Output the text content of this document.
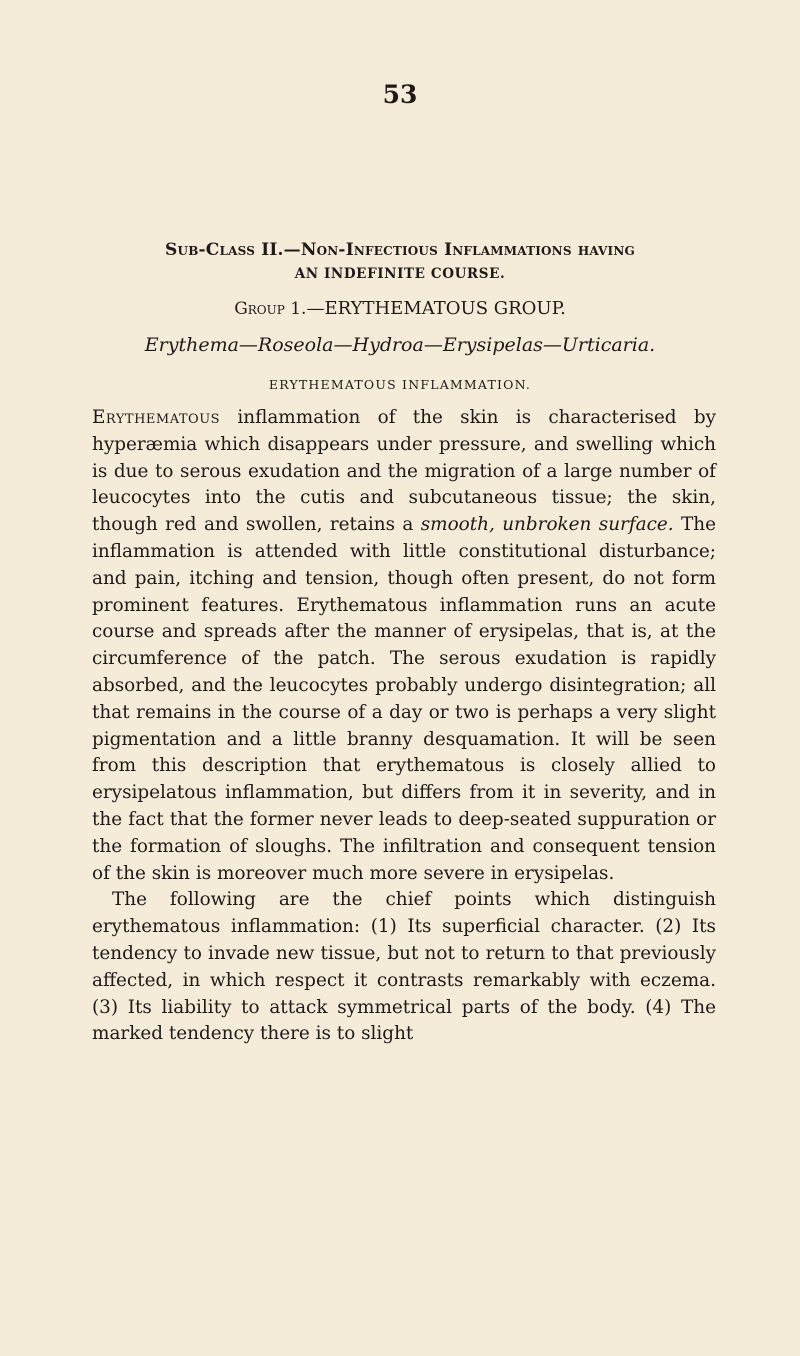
53
Sub-Class II.—Non-Infectious Inflammations having
AN INDEFINITE COURSE.
Group 1.—ERYTHEMATOUS GROUP.
Erythema—Roseola—Hydroa—Erysipelas—Urticaria.
ERYTHEMATOUS INFLAMMATION.

Erythematous inflammation of the skin is characterised by hyperæmia which disappears under pressure, and swelling which is due to serous exudation and the migration of a large number of leucocytes into the cutis and subcutaneous tissue; the skin, though red and swollen, retains a smooth, unbroken surface. The inflammation is attended with little constitutional disturbance; and pain, itching and tension, though often present, do not form prominent features. Erythematous inflammation runs an acute course and spreads after the manner of erysipelas, that is, at the circumference of the patch. The serous exudation is rapidly absorbed, and the leucocytes probably undergo disintegration; all that remains in the course of a day or two is perhaps a very slight pigmentation and a little branny desquamation. It will be seen from this description that erythematous is closely allied to erysipelatous inflammation, but differs from it in severity, and in the fact that the former never leads to deep-seated suppuration or the formation of sloughs. The infiltration and consequent tension of the skin is moreover much more severe in erysipelas.

The following are the chief points which distinguish erythematous inflammation: (1) Its superficial character. (2) Its tendency to invade new tissue, but not to return to that previously affected, in which respect it contrasts remarkably with eczema. (3) Its liability to attack symmetrical parts of the body. (4) The marked tendency there is to slight
